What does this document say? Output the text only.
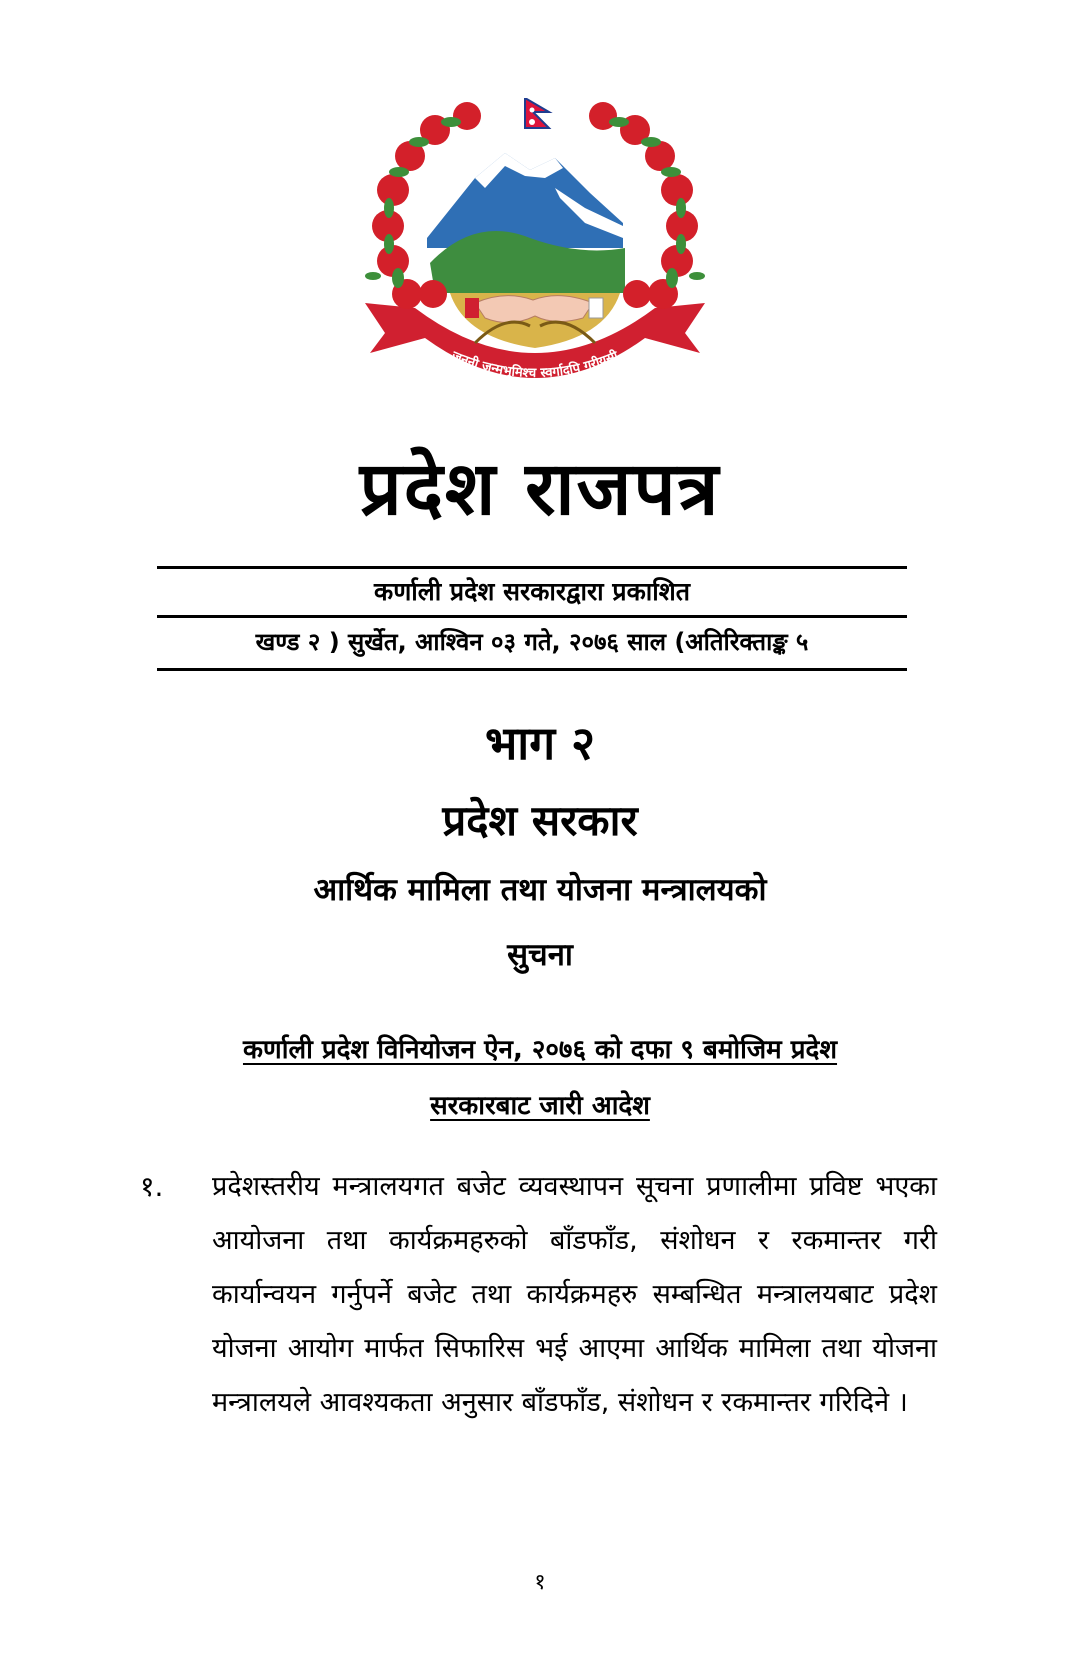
जननी जन्मभूमिश्च स्वर्गादपि गरीयसी
प्रदेश राजपत्र
कर्णाली प्रदेश सरकारद्वारा प्रकाशित
खण्ड २ ) सुर्खेत, आश्विन ०३ गते, २०७६ साल (अतिरिक्ताङ्क ५
भाग २
प्रदेश सरकार
आर्थिक मामिला तथा योजना मन्त्रालयको
सुचना
कर्णाली प्रदेश विनियोजन ऐन, २०७६ को दफा ९ बमोजिम प्रदेश
सरकारबाट जारी आदेश
१. प्रदेशस्तरीय मन्त्रालयगत बजेट व्यवस्थापन सूचना प्रणालीमा प्रविष्ट भएका आयोजना तथा कार्यक्रमहरुको बाँडफाँड, संशोधन र रकमान्तर गरी कार्यान्वयन गर्नुपर्ने बजेट तथा कार्यक्रमहरु सम्बन्धित मन्त्रालयबाट प्रदेश योजना आयोग मार्फत सिफारिस भई आएमा आर्थिक मामिला तथा योजना मन्त्रालयले आवश्यकता अनुसार बाँडफाँड, संशोधन र रकमान्तर गरिदिने ।
१
